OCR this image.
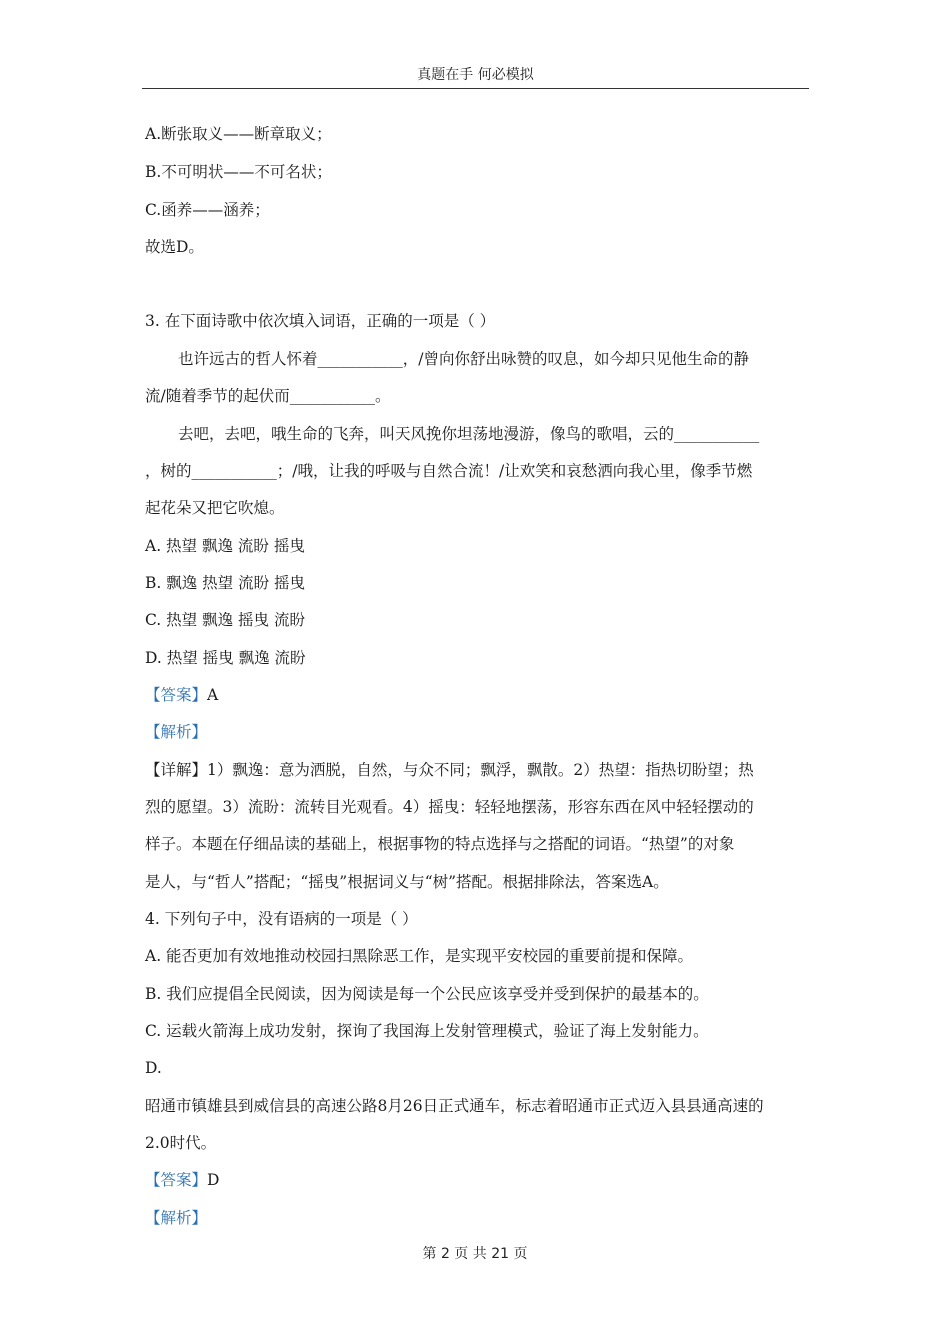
真题在手 何必模拟
A.断张取义——断章取义；
B.不可明状——不可名状；
C.函养——涵养；
故选D。
3. 在下面诗歌中依次填入词语，正确的一项是（ ）
也许远古的哲人怀着___________，/曾向你舒出咏赞的叹息，如今却只见他生命的静
流/随着季节的起伏而___________。
去吧，去吧，哦生命的飞奔，叫天风挽你坦荡地漫游，像鸟的歌唱，云的___________
，树的___________；/哦，让我的呼吸与自然合流！/让欢笑和哀愁洒向我心里，像季节燃
起花朵又把它吹熄。
A. 热望 飘逸 流盼 摇曳
B. 飘逸 热望 流盼 摇曳
C. 热望 飘逸 摇曳 流盼
D. 热望 摇曳 飘逸 流盼
【答案】A
【解析】
【详解】1）飘逸：意为洒脱，自然，与众不同；飘浮，飘散。2）热望：指热切盼望；热
烈的愿望。3）流盼：流转目光观看。4）摇曳：轻轻地摆荡，形容东西在风中轻轻摆动的
样子。本题在仔细品读的基础上，根据事物的特点选择与之搭配的词语。“热望”的对象
是人，与“哲人”搭配；“摇曳”根据词义与“树”搭配。根据排除法，答案选A。
4. 下列句子中，没有语病的一项是（ ）
A. 能否更加有效地推动校园扫黑除恶工作，是实现平安校园的重要前提和保障。
B. 我们应提倡全民阅读，因为阅读是每一个公民应该享受并受到保护的最基本的。
C. 运载火箭海上成功发射，探询了我国海上发射管理模式，验证了海上发射能力。
D.
昭通市镇雄县到威信县的高速公路8月26日正式通车，标志着昭通市正式迈入县县通高速的
2.0时代。
【答案】D
【解析】
第 2 页 共 21 页
